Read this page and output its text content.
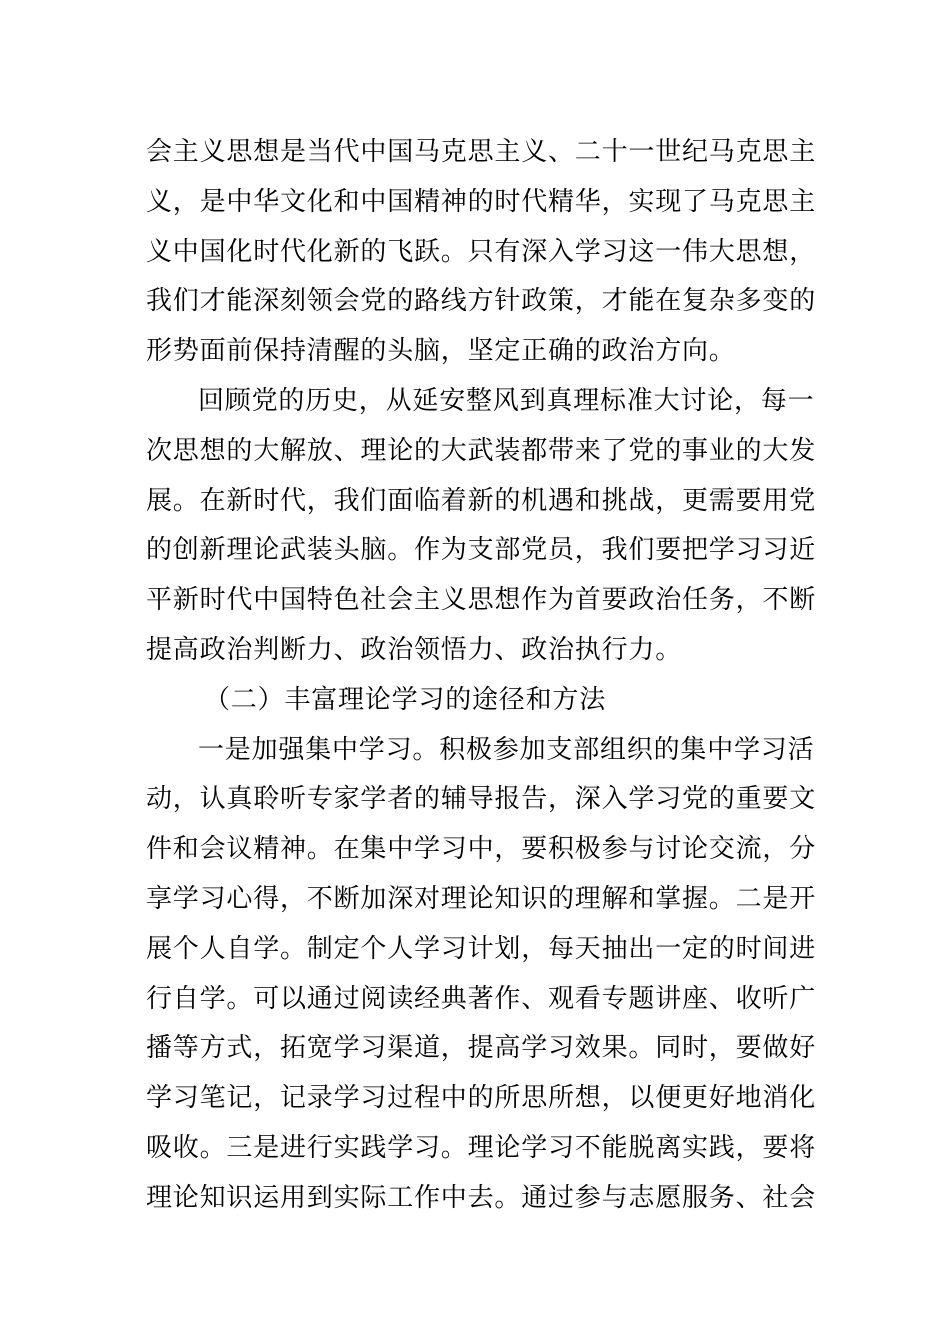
会主义思想是当代中国马克思主义、二十一世纪马克思主
义，是中华文化和中国精神的时代精华，实现了马克思主
义中国化时代化新的飞跃。只有深入学习这一伟大思想，
我们才能深刻领会党的路线方针政策，才能在复杂多变的
形势面前保持清醒的头脑，坚定正确的政治方向。
回顾党的历史，从延安整风到真理标准大讨论，每一
次思想的大解放、理论的大武装都带来了党的事业的大发
展。在新时代，我们面临着新的机遇和挑战，更需要用党
的创新理论武装头脑。作为支部党员，我们要把学习习近
平新时代中国特色社会主义思想作为首要政治任务，不断
提高政治判断力、政治领悟力、政治执行力。
（二）丰富理论学习的途径和方法
一是加强集中学习。积极参加支部组织的集中学习活
动，认真聆听专家学者的辅导报告，深入学习党的重要文
件和会议精神。在集中学习中，要积极参与讨论交流，分
享学习心得，不断加深对理论知识的理解和掌握。二是开
展个人自学。制定个人学习计划，每天抽出一定的时间进
行自学。可以通过阅读经典著作、观看专题讲座、收听广
播等方式，拓宽学习渠道，提高学习效果。同时，要做好
学习笔记，记录学习过程中的所思所想，以便更好地消化
吸收。三是进行实践学习。理论学习不能脱离实践，要将
理论知识运用到实际工作中去。通过参与志愿服务、社会
